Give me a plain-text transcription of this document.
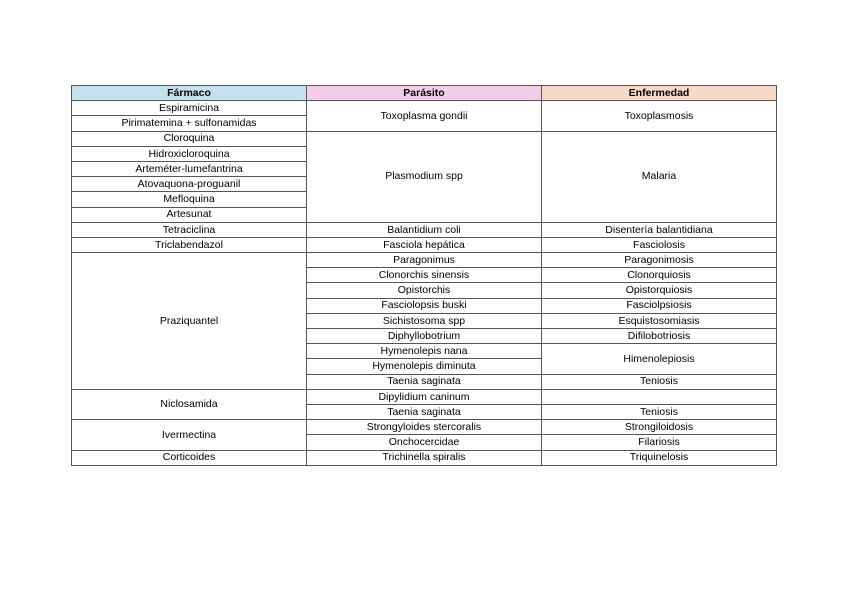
Fármaco	Parásito	Enfermedad
Espiramicina	Toxoplasma gondii	Toxoplasmosis
Pirimatemina + sulfonamidas		
Cloroquina	Plasmodium spp	Malaria
Hidroxicloroquina		
Arteméter-lumefantrina		
Atovaquona-proguanil		
Mefloquina		
Artesunat		
Tetraciclina	Balantidium coli	Disentería balantidiana
Triclabendazol	Fasciola hepática	Fasciolosis
Praziquantel	Paragonimus	Paragonimosis
	Clonorchis sinensis	Clonorquiosis
	Opistorchis	Opistorquiosis
	Fasciolopsis buski	Fasciolpsiosis
	Sichistosoma spp	Esquistosomiasis
	Diphyllobotrium	Difilobotriosis
	Hymenolepis nana	Himenolepiosis
	Hymenolepis diminuta	
	Taenia saginata	Teniosis
Niclosamida	Dipylidium caninum	
	Taenia saginata	Teniosis
Ivermectina	Strongyloides stercoralis	Strongiloidosis
	Onchocercidae	Filariosis
Corticoides	Trichinella spiralis	Triquinelosis
